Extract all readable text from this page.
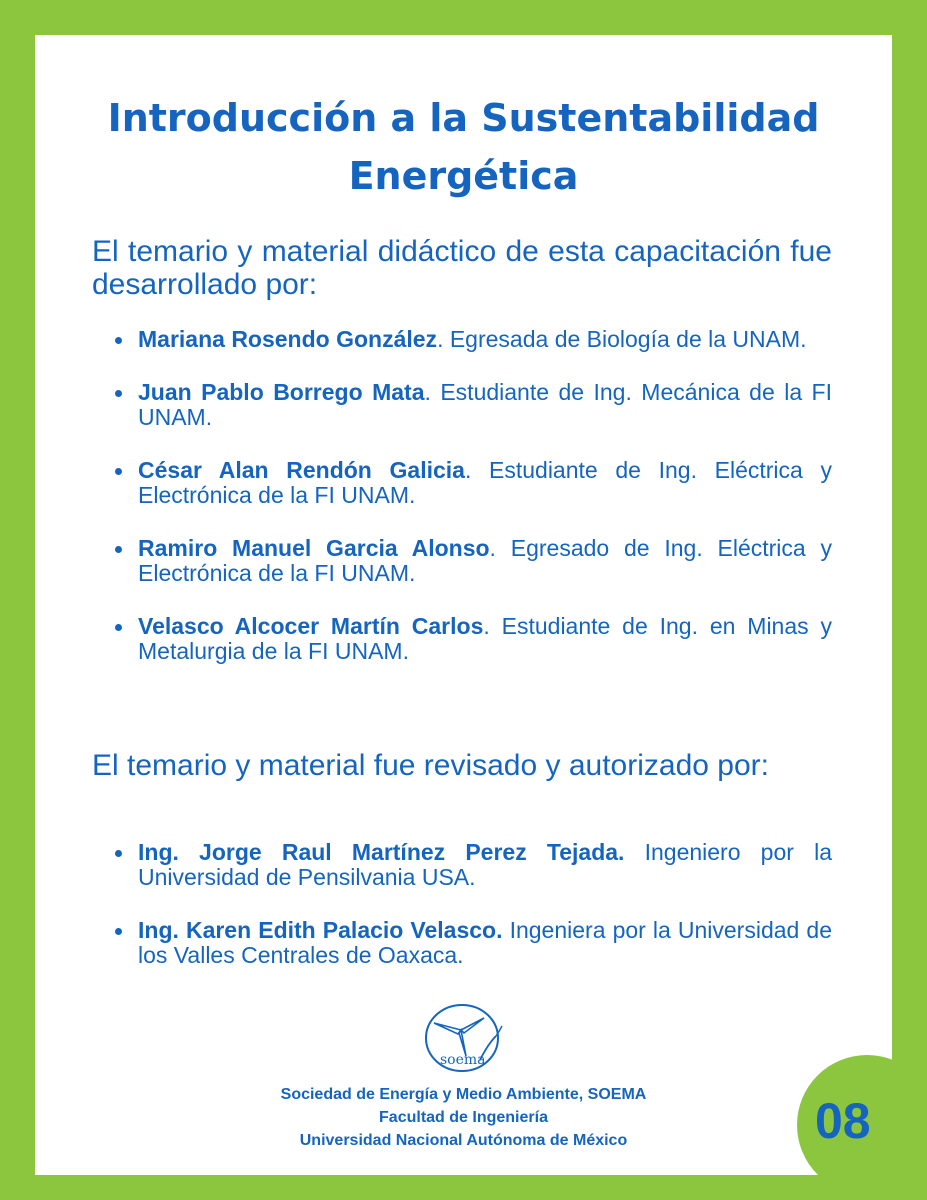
Introducción a la Sustentabilidad Energética

El temario y material didáctico de esta capacitación fue desarrollado por:

Mariana Rosendo González. Egresada de Biología de la UNAM.
Juan Pablo Borrego Mata. Estudiante de Ing. Mecánica de la FI UNAM.
César Alan Rendón Galicia. Estudiante de Ing. Eléctrica y Electrónica de la FI UNAM.
Ramiro Manuel Garcia Alonso. Egresado de Ing. Eléctrica y Electrónica de la FI UNAM.
Velasco Alcocer Martín Carlos. Estudiante de Ing. en Minas y Metalurgia de la FI UNAM.

El temario y material fue revisado y autorizado por:

Ing. Jorge Raul Martínez Perez Tejada. Ingeniero por la Universidad de Pensilvania USA.
Ing. Karen Edith Palacio Velasco. Ingeniera por la Universidad de los Valles Centrales de Oaxaca.
soema
Sociedad de Energía y Medio Ambiente, SOEMA
Facultad de Ingeniería
Universidad Nacional Autónoma de México	08
